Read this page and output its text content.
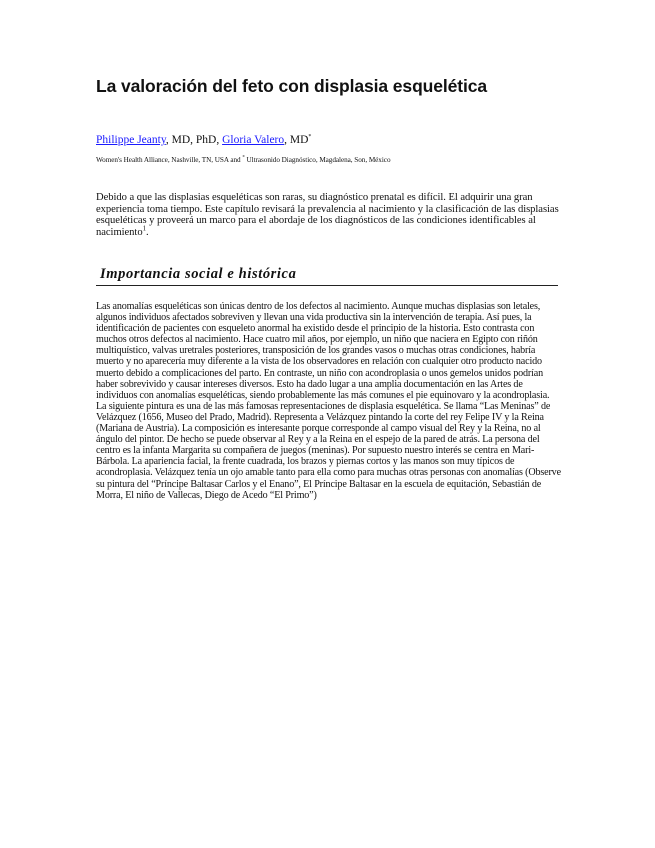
La valoración del feto con displasia esquelética
Philippe Jeanty, MD, PhD, Gloria Valero, MD*
Women's Health Alliance, Nashville, TN, USA and * Ultrasonido Diagnóstico, Magdalena, Son, México

Debido a que las displasias esqueléticas son raras, su diagnóstico prenatal es difícil. El adquirir una gran experiencia toma tiempo. Este capítulo revisará la prevalencia al nacimiento y la clasificación de las displasias esqueléticas y proveerá un marco para el abordaje de los diagnósticos de las condiciones identificables al nacimiento$^1$.

Importancia social e histórica
Las anomalías esqueléticas son únicas dentro de los defectos al nacimiento. Aunque muchas displasias son letales, algunos individuos afectados sobreviven y llevan una vida productiva sin la intervención de terapia. Así pues, la identificación de pacientes con esqueleto anormal ha existido desde el principio de la historia. Esto contrasta con muchos otros defectos al nacimiento. Hace cuatro mil años, por ejemplo, un niño que naciera en Egipto con riñón multiquístico, valvas uretrales posteriores, transposición de los grandes vasos o muchas otras condiciones, habría muerto y no aparecería muy diferente a la vista de los observadores en relación con cualquier otro producto nacido muerto debido a complicaciones del parto. En contraste, un niño con acondroplasia o unos gemelos unidos podrían haber sobrevivido y causar intereses diversos. Esto ha dado lugar a una amplia documentación en las Artes de individuos con anomalías esqueléticas, siendo probablemente las más comunes el pie equinovaro y la acondroplasia.
La siguiente pintura es una de las más famosas representaciones de displasia esquelética. Se llama “Las Meninas” de Velázquez (1656, Museo del Prado, Madrid). Representa a Velázquez pintando la corte del rey Felipe IV y la Reina (Mariana de Austria). La composición es interesante porque corresponde al campo visual del Rey y la Reina, no al ángulo del pintor. De hecho se puede observar al Rey y a la Reina en el espejo de la pared de atrás. La persona del centro es la infanta Margarita su compañera de juegos (meninas). Por supuesto nuestro interés se centra en Mari-Bárbola. La apariencia facial, la frente cuadrada, los brazos y piernas cortos y las manos son muy típicos de acondroplasia. Velázquez tenía un ojo amable tanto para ella como para muchas otras personas con anomalías (Observe su pintura del “Príncipe Baltasar Carlos y el Enano”, El Príncipe Baltasar en la escuela de equitación, Sebastián de Morra, El niño de Vallecas, Diego de Acedo “El Primo”)
